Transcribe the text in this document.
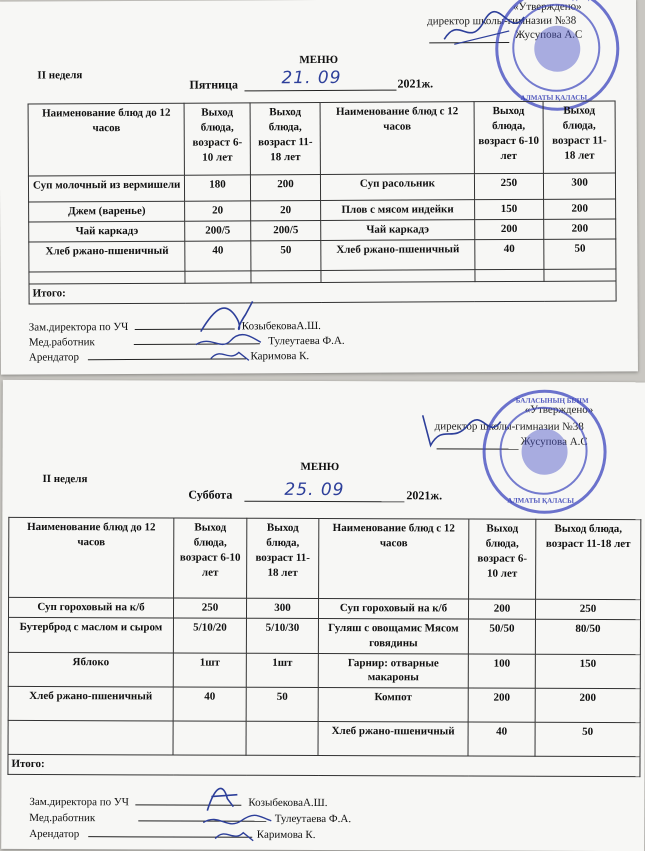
«Утверждено»
директор школы-гимназии №38
Жусупова А.С
АЛМАТЫ ҚАЛАСЫ
II неделя
МЕНЮ
Пятница	21. 09	2021ж.
Наименование блюд до 12 часов	Выход блюда, возраст 6-10 лет	Выход блюда, возраст 11-18 лет	Наименование блюд с 12 часов	Выход блюда, возраст 6-10 лет	Выход блюда, возраст 11-18 лет
Суп молочный из вермишели	180	200	Суп расольник	250	300
Джем (варенье)	20	20	Плов с мясом индейки	150	200
Чай каркадэ	200/5	200/5	Чай каркадэ	200	200
Хлеб ржано-пшеничный	40	50	Хлеб ржано-пшеничный	40	50

Итого:					
Зам.директора по УЧ	КозыбековаА.Ш.
Мед.работник	Тулеутаева Ф.А.
Арендатор	Каримова К.
«Утверждено»
директор школы-гимназии №38
Жусупова А.С
БАЛАСЫНЫҢ БІЛІМ
АЛМАТЫ ҚАЛАСЫ
II неделя
МЕНЮ
Суббота	25. 09	2021ж.
Наименование блюд до 12 часов	Выход блюда, возраст 6-10 лет	Выход блюда, возраст 11-18 лет	Наименование блюд с 12 часов	Выход блюда, возраст 6-10 лет	Выход блюда, возраст 11-18 лет
Суп гороховый на к/б	250	300	Суп гороховый на к/б	200	250
Бутерброд с маслом и сыром	5/10/20	5/10/30	Гуляш с овощамис Мясом говядины	50/50	80/50
Яблоко	1шт	1шт	Гарнир: отварные макароны	100	150
Хлеб ржано-пшеничный	40	50	Компот	200	200
			Хлеб ржано-пшеничный	40	50
Итого:					
Зам.директора по УЧ	КозыбековаА.Ш.
Мед.работник	Тулеутаева Ф.А.
Арендатор	Каримова К.
